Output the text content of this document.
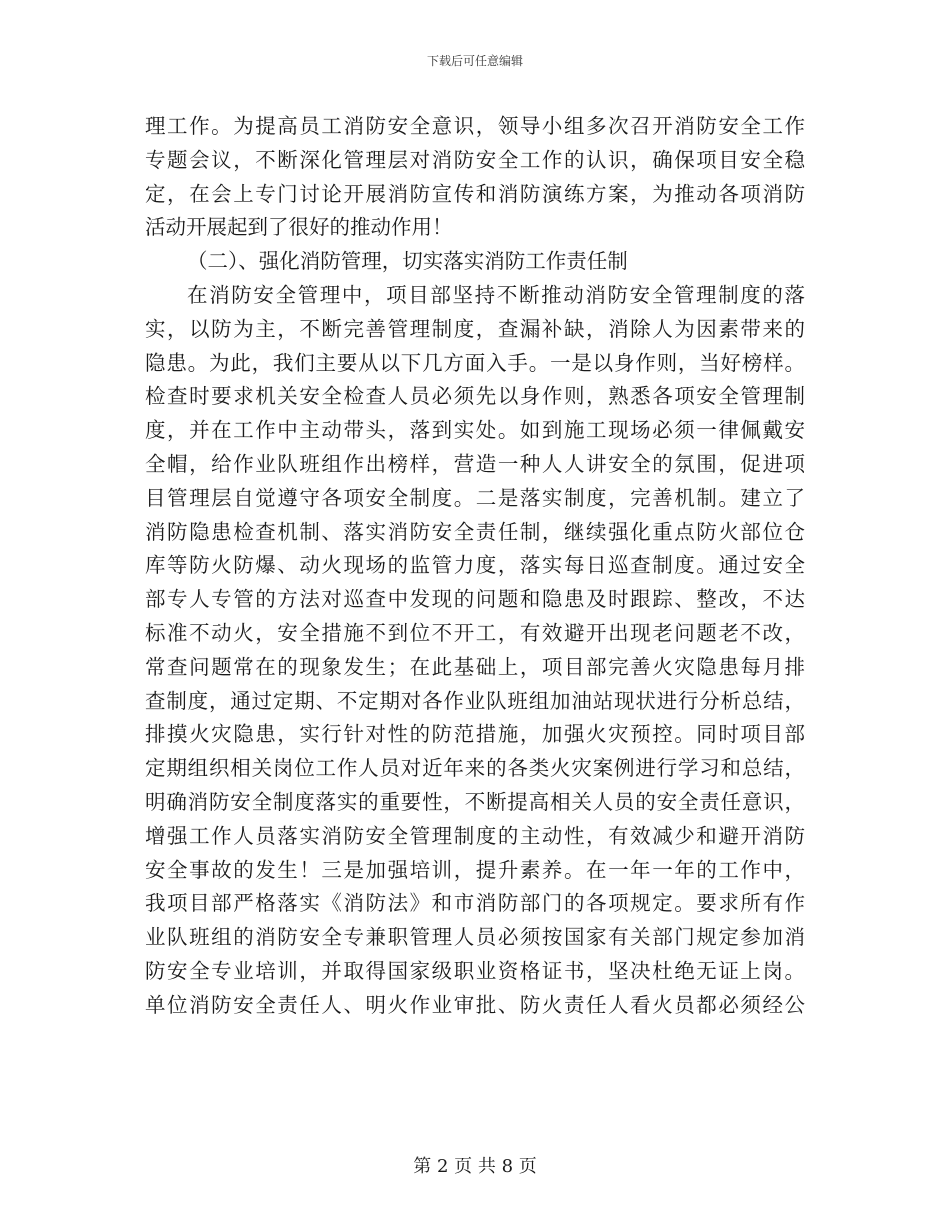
下载后可任意编辑
理工作。为提高员工消防安全意识，领导小组多次召开消防安全工作
专题会议，不断深化管理层对消防安全工作的认识，确保项目安全稳
定，在会上专门讨论开展消防宣传和消防演练方案，为推动各项消防
活动开展起到了很好的推动作用！
（二）、强化消防管理，切实落实消防工作责任制
在消防安全管理中，项目部坚持不断推动消防安全管理制度的落
实，以防为主，不断完善管理制度，查漏补缺，消除人为因素带来的
隐患。为此，我们主要从以下几方面入手。一是以身作则，当好榜样。
检查时要求机关安全检查人员必须先以身作则，熟悉各项安全管理制
度，并在工作中主动带头，落到实处。如到施工现场必须一律佩戴安
全帽，给作业队班组作出榜样，营造一种人人讲安全的氛围，促进项
目管理层自觉遵守各项安全制度。二是落实制度，完善机制。建立了
消防隐患检查机制、落实消防安全责任制，继续强化重点防火部位仓
库等防火防爆、动火现场的监管力度，落实每日巡查制度。通过安全
部专人专管的方法对巡查中发现的问题和隐患及时跟踪、整改，不达
标准不动火，安全措施不到位不开工，有效避开出现老问题老不改，
常查问题常在的现象发生；在此基础上，项目部完善火灾隐患每月排
查制度，通过定期、不定期对各作业队班组加油站现状进行分析总结，
排摸火灾隐患，实行针对性的防范措施，加强火灾预控。同时项目部
定期组织相关岗位工作人员对近年来的各类火灾案例进行学习和总结，
明确消防安全制度落实的重要性，不断提高相关人员的安全责任意识，
增强工作人员落实消防安全管理制度的主动性，有效减少和避开消防
安全事故的发生！三是加强培训，提升素养。在一年一年的工作中，
我项目部严格落实《消防法》和市消防部门的各项规定。要求所有作
业队班组的消防安全专兼职管理人员必须按国家有关部门规定参加消
防安全专业培训，并取得国家级职业资格证书，坚决杜绝无证上岗。
单位消防安全责任人、明火作业审批、防火责任人看火员都必须经公
第 2 页 共 8 页
